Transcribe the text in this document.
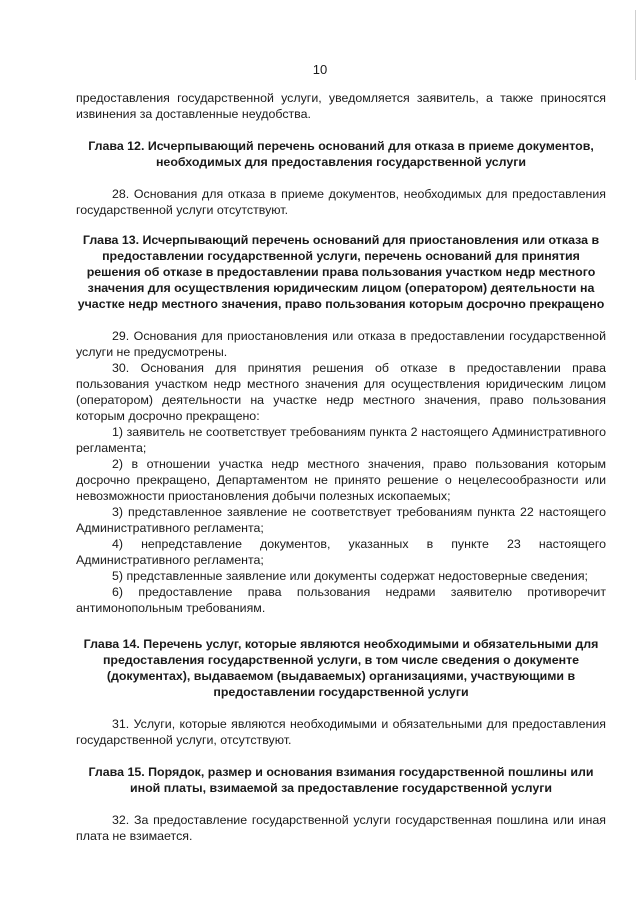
10

предоставления государственной услуги, уведомляется заявитель, а также приносятся извинения за доставленные неудобства.

Глава 12. Исчерпывающий перечень оснований для отказа в приеме документов, необходимых для предоставления государственной услуги

28. Основания для отказа в приеме документов, необходимых для предоставления государственной услуги отсутствуют.

Глава 13. Исчерпывающий перечень оснований для приостановления или отказа в предоставлении государственной услуги, перечень оснований для принятия решения об отказе в предоставлении права пользования участком недр местного значения для осуществления юридическим лицом (оператором) деятельности на участке недр местного значения, право пользования которым досрочно прекращено

29. Основания для приостановления или отказа в предоставлении государственной услуги не предусмотрены.

30. Основания для принятия решения об отказе в предоставлении права пользования участком недр местного значения для осуществления юридическим лицом (оператором) деятельности на участке недр местного значения, право пользования которым досрочно прекращено:

1) заявитель не соответствует требованиям пункта 2 настоящего Административного регламента;

2) в отношении участка недр местного значения, право пользования которым досрочно прекращено, Департаментом не принято решение о нецелесообразности или невозможности приостановления добычи полезных ископаемых;

3) представленное заявление не соответствует требованиям пункта 22 настоящего Административного регламента;

4) непредставление документов, указанных в пункте 23 настоящего Административного регламента;

5) представленные заявление или документы содержат недостоверные сведения;

6) предоставление права пользования недрами заявителю противоречит антимонопольным требованиям.

Глава 14. Перечень услуг, которые являются необходимыми и обязательными для предоставления государственной услуги, в том числе сведения о документе (документах), выдаваемом (выдаваемых) организациями, участвующими в предоставлении государственной услуги

31. Услуги, которые являются необходимыми и обязательными для предоставления государственной услуги, отсутствуют.

Глава 15. Порядок, размер и основания взимания государственной пошлины или иной платы, взимаемой за предоставление государственной услуги

32. За предоставление государственной услуги государственная пошлина или иная плата не взимается.
